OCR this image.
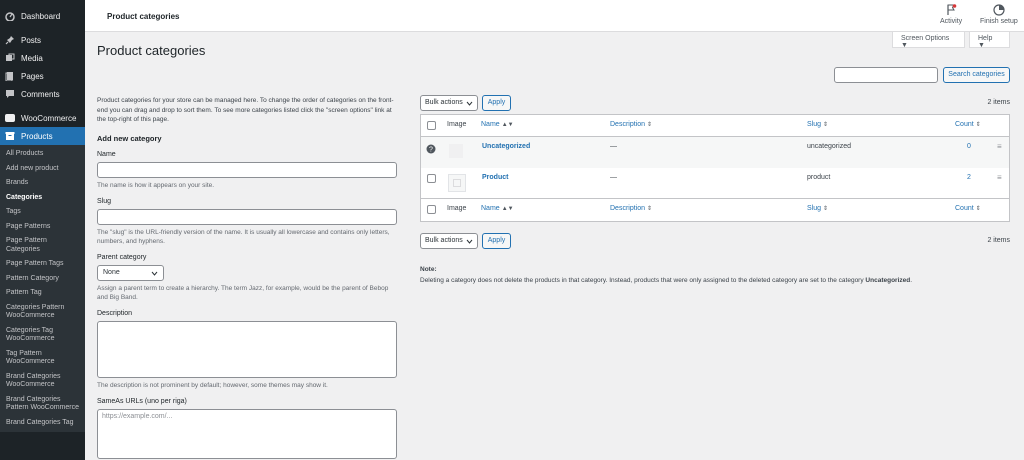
Dashboard
Posts
Media
Pages
Comments
WooCommerce
Products
All Products
Add new product
Brands
Categories
Tags
Page Patterns
Page Pattern Categories
Page Pattern Tags
Pattern Category
Pattern Tag
Categories Pattern WooCommerce
Categories Tag WooCommerce
Tag Pattern WooCommerce
Brand Categories WooCommerce
Brand Categories Pattern WooCommerce
Brand Categories Tag
Product categories
Activity	Finish setup
Screen Options ▼
Help ▼
Product categories
Product categories for your store can be managed here. To change the order of categories on the front-end you can drag and drop to sort them. To see more categories listed click the "screen options" link at the top-right of this page.
Add new category
Name
The name is how it appears on your site.
Slug
The "slug" is the URL-friendly version of the name. It is usually all lowercase and contains only letters, numbers, and hyphens.
Parent category
None
Assign a parent term to create a hierarchy. The term Jazz, for example, would be the parent of Bebop and Big Band.
Description
The description is not prominent by default; however, some themes may show it.
SameAs URLs (uno per riga)
https://example.com/...
Search categories
Bulk actions	Apply	2 items
Image Name ▲▼	Description ⇕	Slug ⇕	Count ⇕
?	Uncategorized	—	uncategorized	0	≡
Product	—	product	2	≡
Image Name ▲▼	Description ⇕	Slug ⇕	Count ⇕
Bulk actions	Apply	2 items
Note:
Deleting a category does not delete the products in that category. Instead, products that were only assigned to the deleted category are set to the category Uncategorized.
